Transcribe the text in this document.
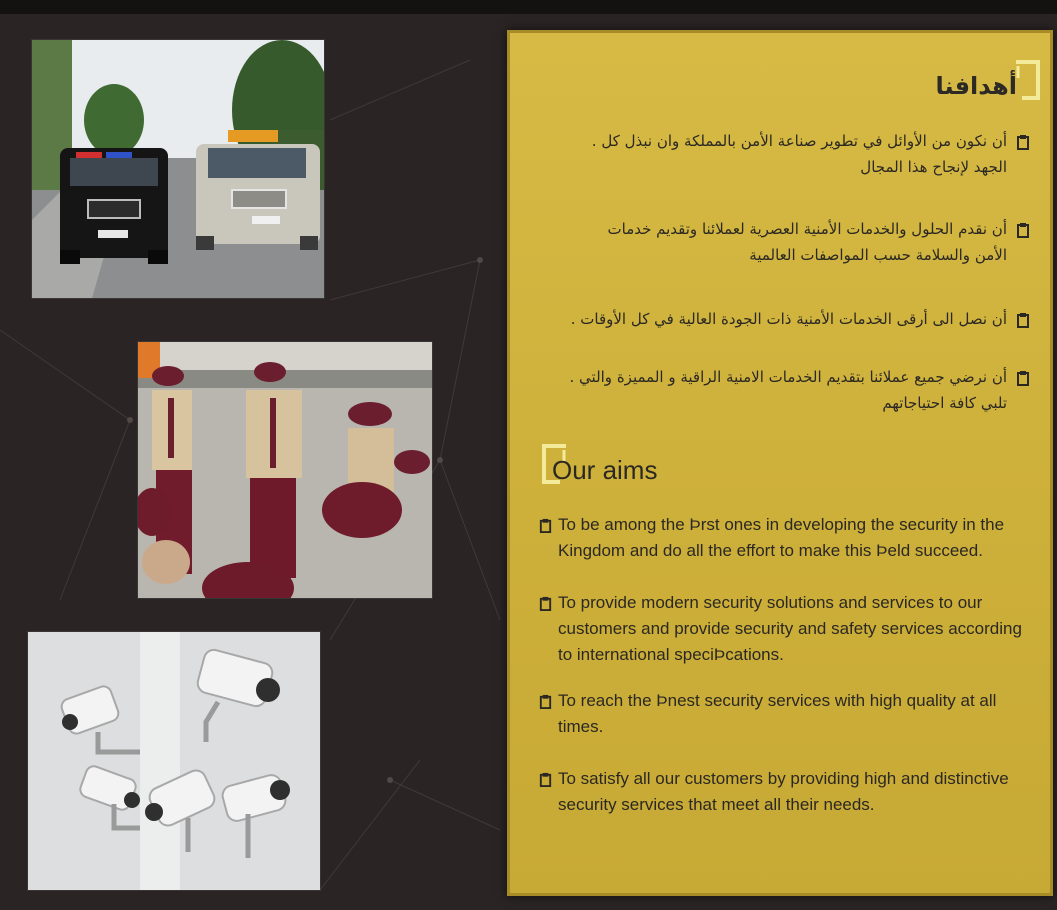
أهدافنا
أن نكون من الأوائل في تطوير صناعة الأمن بالمملكة وان نبذل كل .
الجهد لإنجاح هذا المجال
أن نقدم الحلول والخدمات الأمنية العصرية لعملائنا وتقديم خدمات
الأمن والسلامة حسب المواصفات العالمية
أن نصل الى أرقى الخدمات الأمنية ذات الجودة العالية في كل الأوقات .
أن نرضي جميع عملائنا بتقديم الخدمات الامنية الراقية و المميزة والتي .
تلبي كافة احتياجاتهم
Our aims
To be among the Þrst ones in developing the security in the
Kingdom and do all the effort to make this Þeld succeed.
To provide modern security solutions and services to our
customers and provide security and safety services according
to international speciÞcations.
To reach the Þnest security services with high quality at all
times.
To satisfy all our customers by providing high and distinctive
security services that meet all their needs.
